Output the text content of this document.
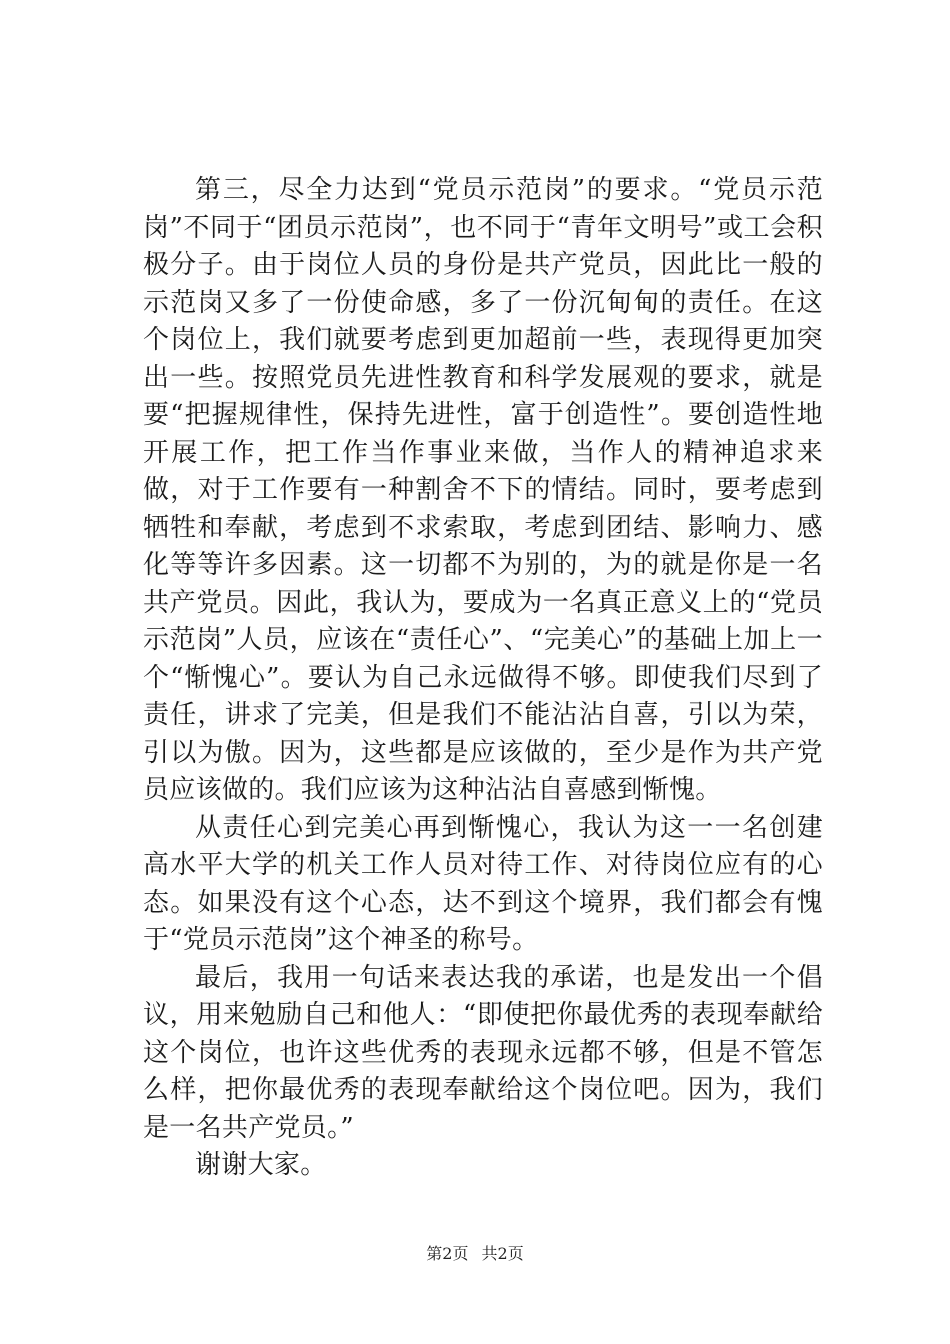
第三，尽全力达到“党员示范岗”的要求。“党员示范岗”不同于“团员示范岗”，也不同于“青年文明号”或工会积极分子。由于岗位人员的身份是共产党员，因此比一般的示范岗又多了一份使命感，多了一份沉甸甸的责任。在这个岗位上，我们就要考虑到更加超前一些，表现得更加突出一些。按照党员先进性教育和科学发展观的要求，就是要“把握规律性，保持先进性，富于创造性”。要创造性地开展工作，把工作当作事业来做，当作人的精神追求来做，对于工作要有一种割舍不下的情结。同时，要考虑到牺牲和奉献，考虑到不求索取，考虑到团结、影响力、感化等等许多因素。这一切都不为别的，为的就是你是一名共产党员。因此，我认为，要成为一名真正意义上的“党员示范岗”人员，应该在“责任心”、“完美心”的基础上加上一个“惭愧心”。要认为自己永远做得不够。即使我们尽到了责任，讲求了完美，但是我们不能沾沾自喜，引以为荣，引以为傲。因为，这些都是应该做的，至少是作为共产党员应该做的。我们应该为这种沾沾自喜感到惭愧。

从责任心到完美心再到惭愧心，我认为这一一名创建高水平大学的机关工作人员对待工作、对待岗位应有的心态。如果没有这个心态，达不到这个境界，我们都会有愧于“党员示范岗”这个神圣的称号。

最后，我用一句话来表达我的承诺，也是发出一个倡议，用来勉励自己和他人：“即使把你最优秀的表现奉献给这个岗位，也许这些优秀的表现永远都不够，但是不管怎么样，把你最优秀的表现奉献给这个岗位吧。因为，我们是一名共产党员。”

谢谢大家。

第2页 共2页
